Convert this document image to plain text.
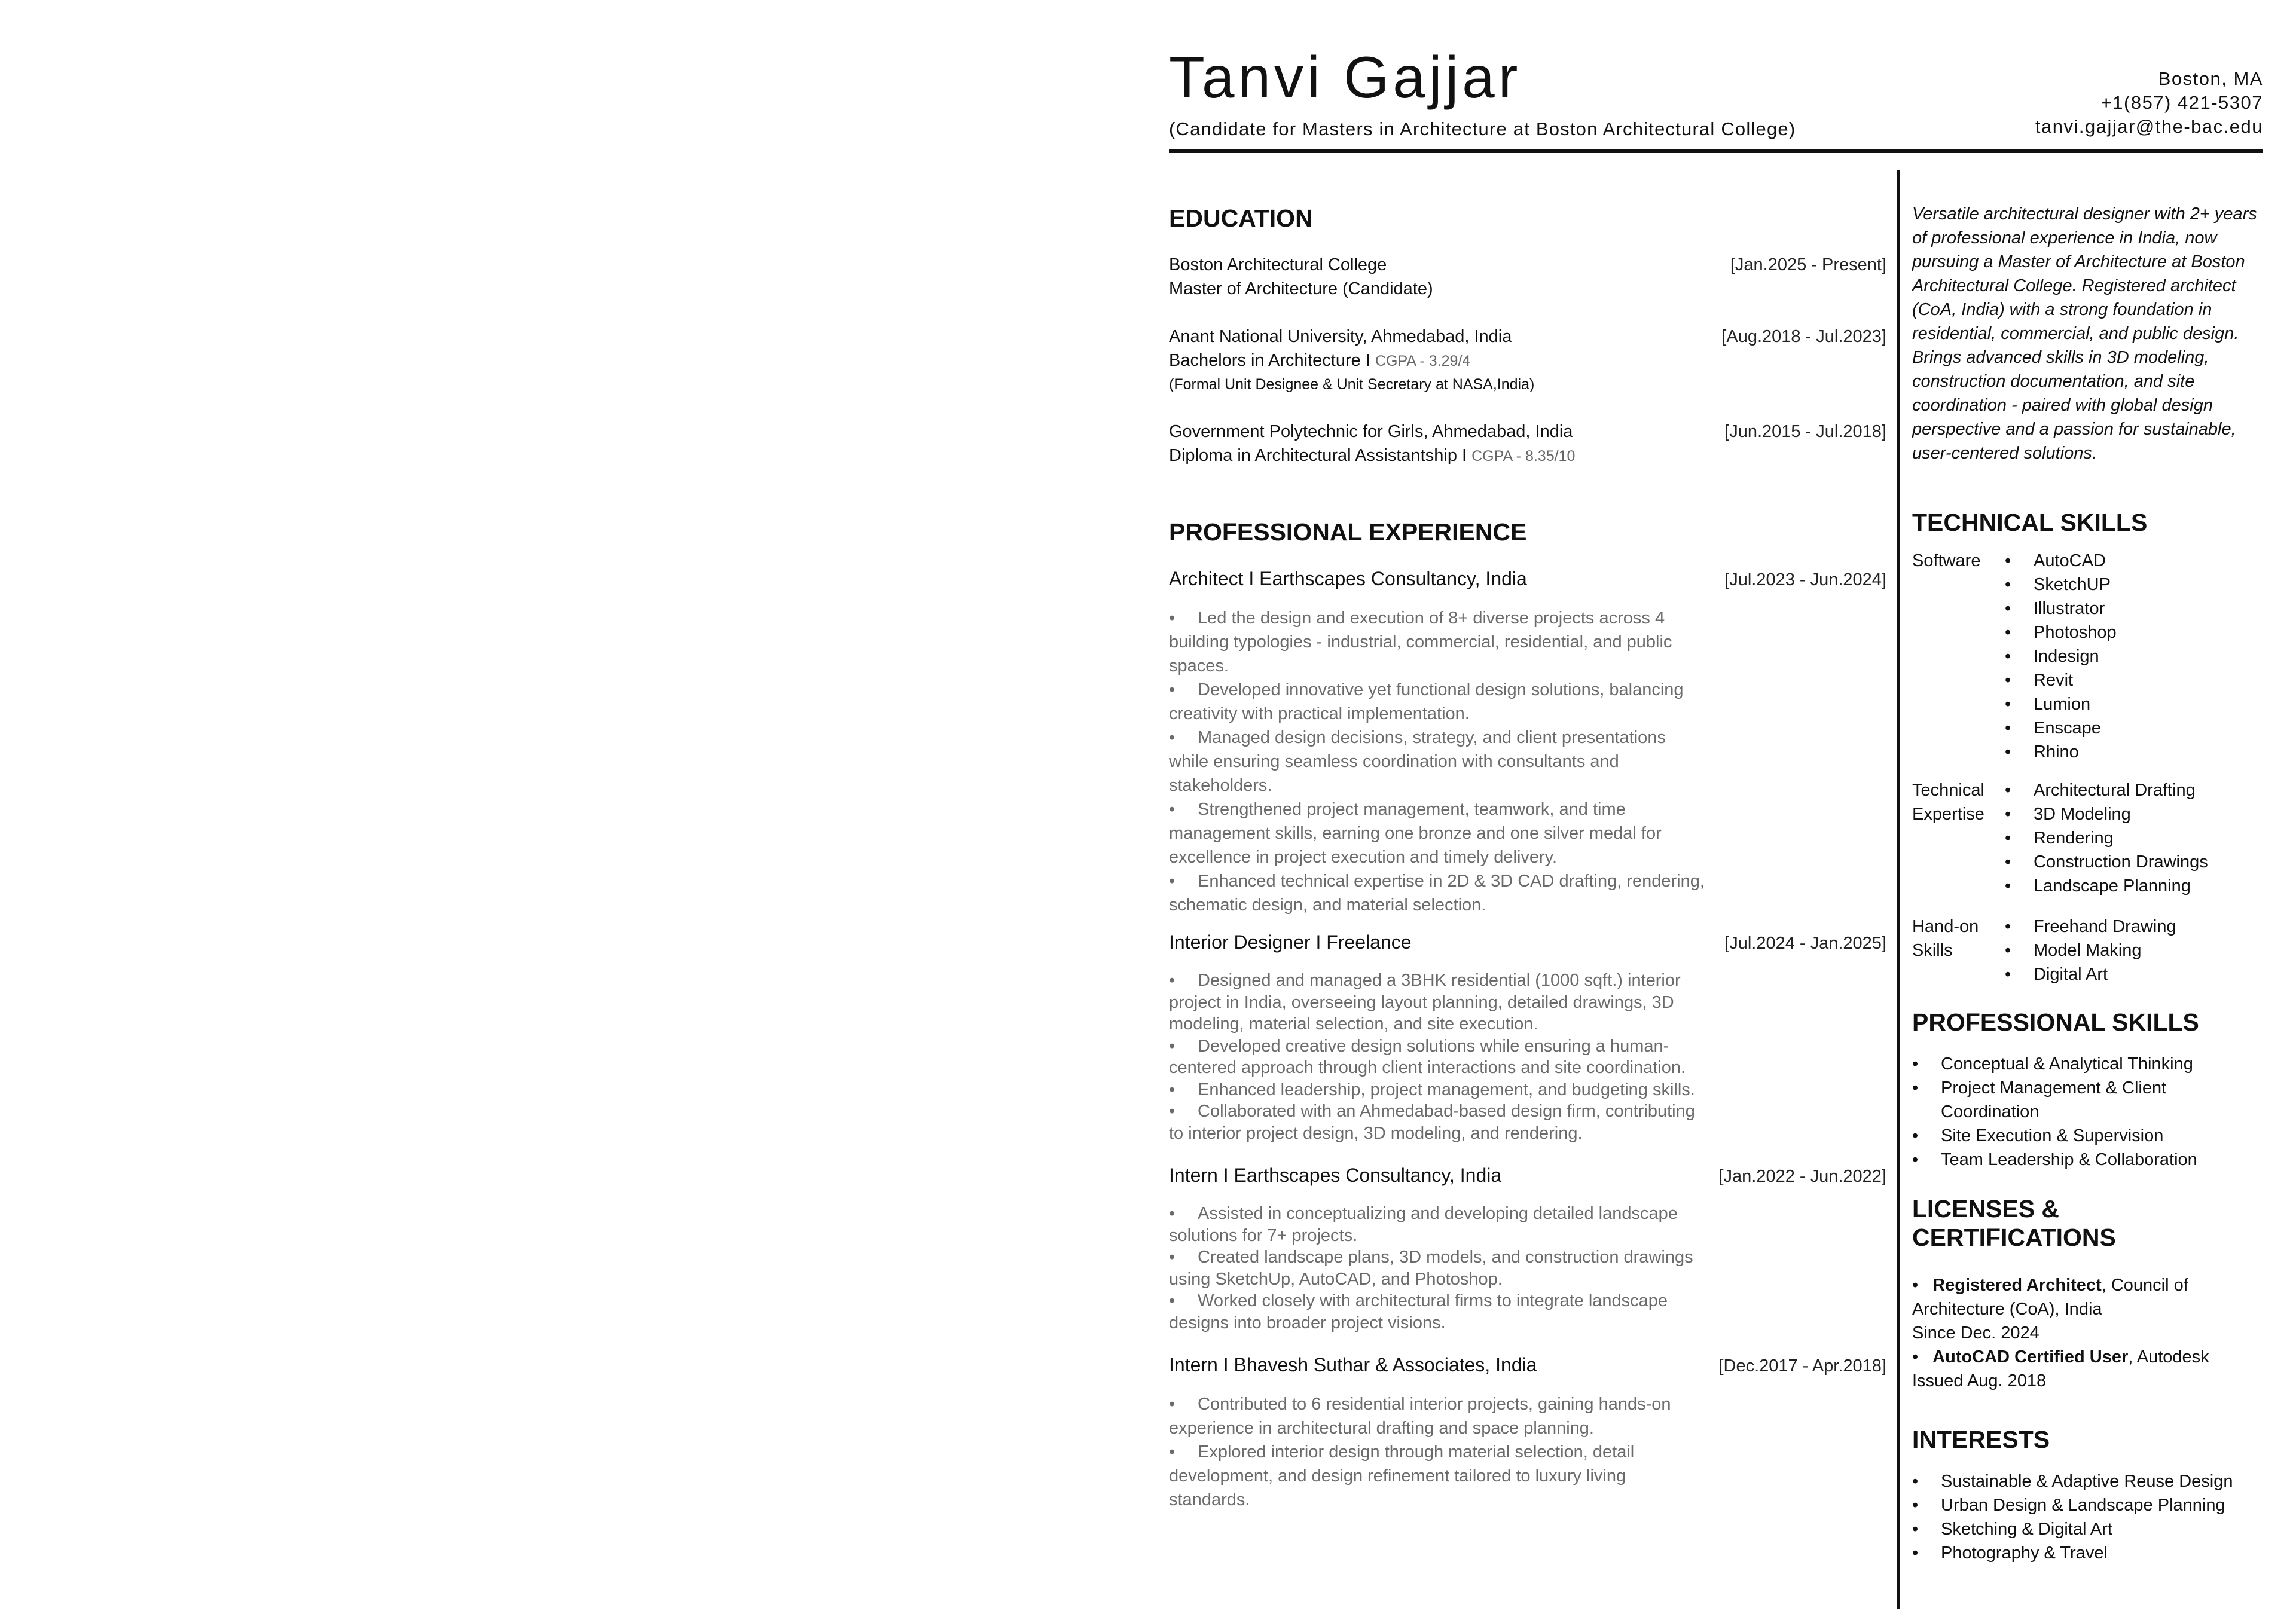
Tanvi Gajjar
(Candidate for Masters in Architecture at Boston Architectural College)
Boston, MA
+1(857) 421-5307
tanvi.gajjar@the-bac.edu
EDUCATION
Boston Architectural College	[Jan.2025 - Present]
Master of Architecture (Candidate)
Anant National University, Ahmedabad, India	[Aug.2018 - Jul.2023]
Bachelors in Architecture I CGPA - 3.29/4
(Formal Unit Designee & Unit Secretary at NASA,India)
Government Polytechnic for Girls, Ahmedabad, India	[Jun.2015 - Jul.2018]
Diploma in Architectural Assistantship I CGPA - 8.35/10
PROFESSIONAL EXPERIENCE
Architect I Earthscapes Consultancy, India	[Jul.2023 - Jun.2024]
• Led the design and execution of 8+ diverse projects across 4 building typologies - industrial, commercial, residential, and public spaces.
• Developed innovative yet functional design solutions, balancing creativity with practical implementation.
• Managed design decisions, strategy, and client presentations while ensuring seamless coordination with consultants and stakeholders.
• Strengthened project management, teamwork, and time management skills, earning one bronze and one silver medal for excellence in project execution and timely delivery.
• Enhanced technical expertise in 2D & 3D CAD drafting, rendering, schematic design, and material selection.
Interior Designer I Freelance	[Jul.2024 - Jan.2025]
• Designed and managed a 3BHK residential (1000 sqft.) interior project in India, overseeing layout planning, detailed drawings, 3D modeling, material selection, and site execution.
• Developed creative design solutions while ensuring a human-centered approach through client interactions and site coordination.
• Enhanced leadership, project management, and budgeting skills.
• Collaborated with an Ahmedabad-based design firm, contributing to interior project design, 3D modeling, and rendering.
Intern I Earthscapes Consultancy, India	[Jan.2022 - Jun.2022]
• Assisted in conceptualizing and developing detailed landscape solutions for 7+ projects.
• Created landscape plans, 3D models, and construction drawings using SketchUp, AutoCAD, and Photoshop.
• Worked closely with architectural firms to integrate landscape designs into broader project visions.
Intern I Bhavesh Suthar & Associates, India	[Dec.2017 - Apr.2018]
• Contributed to 6 residential interior projects, gaining hands-on experience in architectural drafting and space planning.
• Explored interior design through material selection, detail development, and design refinement tailored to luxury living standards.

Versatile architectural designer with 2+ years of professional experience in India, now pursuing a Master of Architecture at Boston Architectural College. Registered architect (CoA, India) with a strong foundation in residential, commercial, and public design. Brings advanced skills in 3D modeling, construction documentation, and site coordination - paired with global design perspective and a passion for sustainable, user-centered solutions.

TECHNICAL SKILLS
Software	• AutoCAD
• SketchUP
• Illustrator
• Photoshop
• Indesign
• Revit
• Lumion
• Enscape
• Rhino
Technical Expertise
• Architectural Drafting
• 3D Modeling
• Rendering
• Construction Drawings
• Landscape Planning
Hand-on Skills
• Freehand Drawing
• Model Making
• Digital Art
PROFESSIONAL SKILLS
• Conceptual & Analytical Thinking
• Project Management & Client Coordination
• Site Execution & Supervision
• Team Leadership & Collaboration
LICENSES & CERTIFICATIONS
• Registered Architect, Council of Architecture (CoA), India
Since Dec. 2024
• AutoCAD Certified User, Autodesk
Issued Aug. 2018
INTERESTS
• Sustainable & Adaptive Reuse Design
• Urban Design & Landscape Planning
• Sketching & Digital Art
• Photography & Travel
